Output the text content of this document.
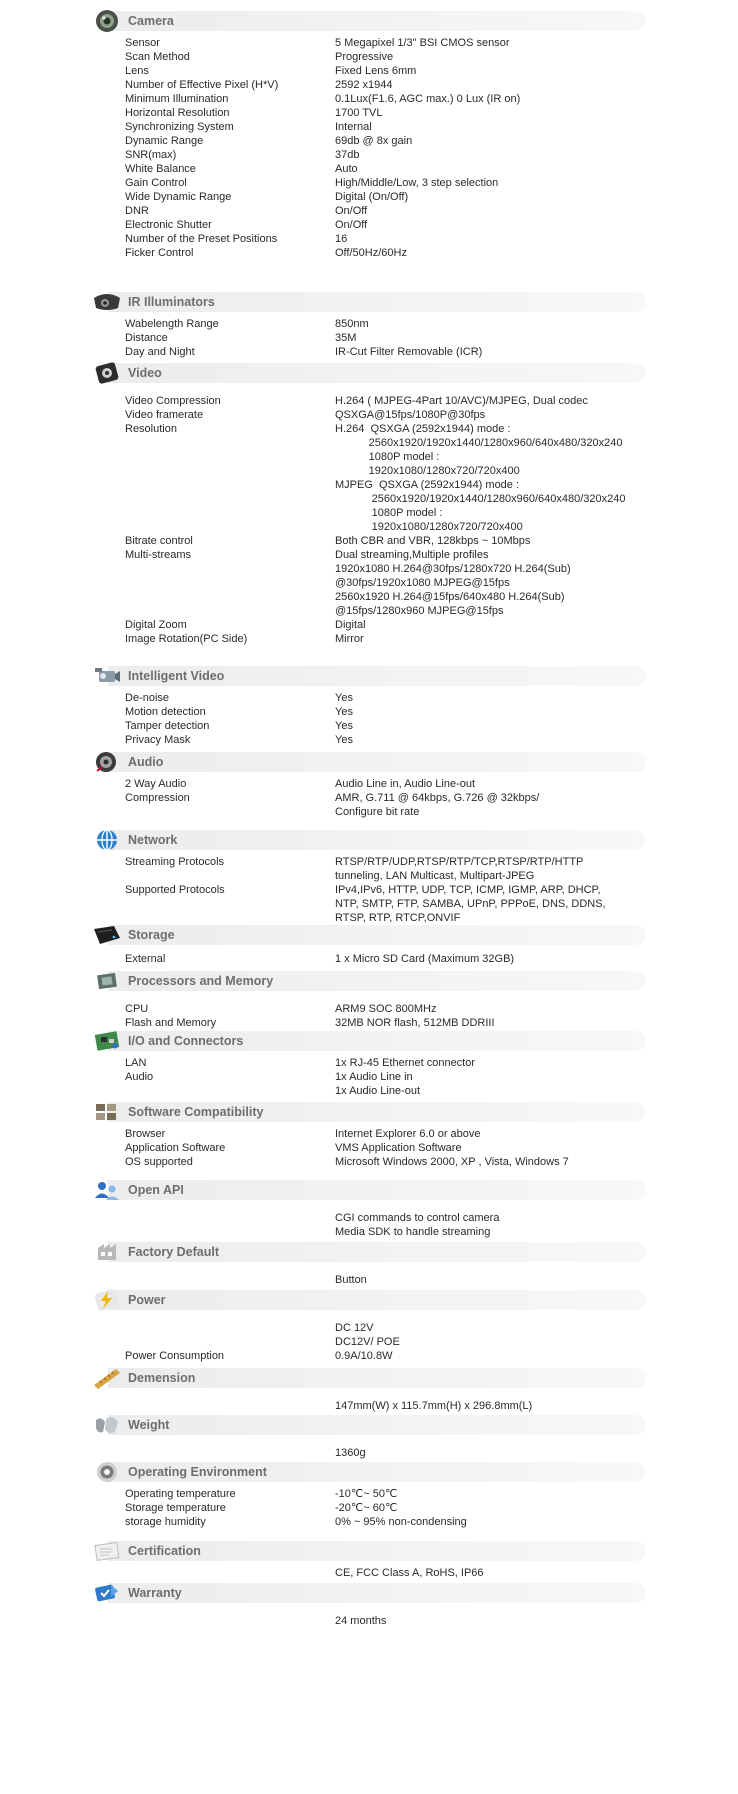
Camera
Sensor	5 Megapixel 1/3" BSI CMOS sensor
Scan Method	Progressive
Lens	Fixed Lens 6mm
Number of Effective Pixel (H*V)	2592 x1944
Minimum Illumination	0.1Lux(F1.6, AGC max.) 0 Lux (IR on)
Horizontal Resolution	1700 TVL
Synchronizing System	Internal
Dynamic Range	69db @ 8x gain
SNR(max)	37db
White Balance	Auto
Gain Control	High/Middle/Low, 3 step selection
Wide Dynamic Range	Digital (On/Off)
DNR	On/Off
Electronic Shutter	On/Off
Number of the Preset Positions	16
Ficker Control	Off/50Hz/60Hz
IR Illuminators
Wabelength Range	850nm
Distance	35M
Day and Night	IR-Cut Filter Removable (ICR)
Video
Video Compression	H.264 ( MJPEG-4Part 10/AVC)/MJPEG, Dual codec
Video framerate	QSXGA@15fps/1080P@30fps
Resolution	H.264  QSXGA (2592x1944) mode :
2560x1920/1920x1440/1280x960/640x480/320x240
1080P model :
1920x1080/1280x720/720x400
MJPEG  QSXGA (2592x1944) mode :
2560x1920/1920x1440/1280x960/640x480/320x240
1080P model :
1920x1080/1280x720/720x400
Bitrate control	Both CBR and VBR, 128kbps ~ 10Mbps
Multi-streams	Dual streaming,Multiple profiles
1920x1080 H.264@30fps/1280x720 H.264(Sub)
@30fps/1920x1080 MJPEG@15fps
2560x1920 H.264@15fps/640x480 H.264(Sub)
@15fps/1280x960 MJPEG@15fps
Digital Zoom	Digital
Image Rotation(PC Side)	Mirror
Intelligent Video
De-noise	Yes
Motion detection	Yes
Tamper detection	Yes
Privacy Mask	Yes
Audio
2 Way Audio	Audio Line in, Audio Line-out
Compression	AMR, G.711 @ 64kbps, G.726 @ 32kbps/
Configure bit rate
Network
Streaming Protocols	RTSP/RTP/UDP,RTSP/RTP/TCP,RTSP/RTP/HTTP
tunneling, LAN Multicast, Multipart-JPEG
Supported Protocols	IPv4,IPv6, HTTP, UDP, TCP, ICMP, IGMP, ARP, DHCP,
NTP, SMTP, FTP, SAMBA, UPnP, PPPoE, DNS, DDNS,
RTSP, RTP, RTCP,ONVIF
Storage
External	1 x Micro SD Card (Maximum 32GB)
Processors and Memory
CPU	ARM9 SOC 800MHz
Flash and Memory	32MB NOR flash, 512MB DDRIII
I/O and Connectors
LAN	1x RJ-45 Ethernet connector
Audio	1x Audio Line in
1x Audio Line-out
Software Compatibility
Browser	Internet Explorer 6.0 or above
Application Software	VMS Application Software
OS supported	Microsoft Windows 2000, XP , Vista, Windows 7
Open API
CGI commands to control camera
Media SDK to handle streaming
Factory Default
Button
Power
DC 12V
DC12V/ POE
Power Consumption	0.9A/10.8W
Demension
147mm(W) x 115.7mm(H) x 296.8mm(L)
Weight
1360g
Operating Environment
Operating temperature	-10℃~ 50℃
Storage temperature	-20℃~ 60℃
storage humidity	0% ~ 95% non-condensing
Certification
CE, FCC Class A, RoHS, IP66
Warranty
24 months
